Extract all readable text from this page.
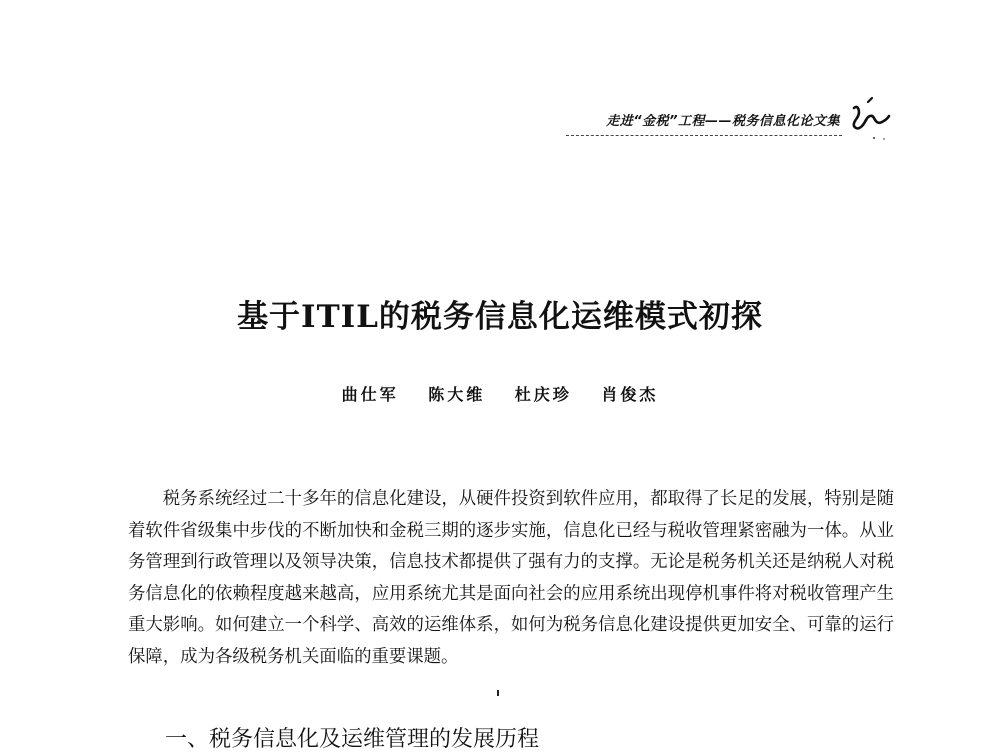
走进“金税”工程——税务信息化论文集
基于ITIL的税务信息化运维模式初探
曲仕军 陈大维 杜庆珍 肖俊杰

税务系统经过二十多年的信息化建设，从硬件投资到软件应用，都取得了长足的发展，特别是随着软件省级集中步伐的不断加快和金税三期的逐步实施，信息化已经与税收管理紧密融为一体。从业务管理到行政管理以及领导决策，信息技术都提供了强有力的支撑。无论是税务机关还是纳税人对税务信息化的依赖程度越来越高，应用系统尤其是面向社会的应用系统出现停机事件将对税收管理产生重大影响。如何建立一个科学、高效的运维体系，如何为税务信息化建设提供更加安全、可靠的运行保障，成为各级税务机关面临的重要课题。

一、税务信息化及运维管理的发展历程
